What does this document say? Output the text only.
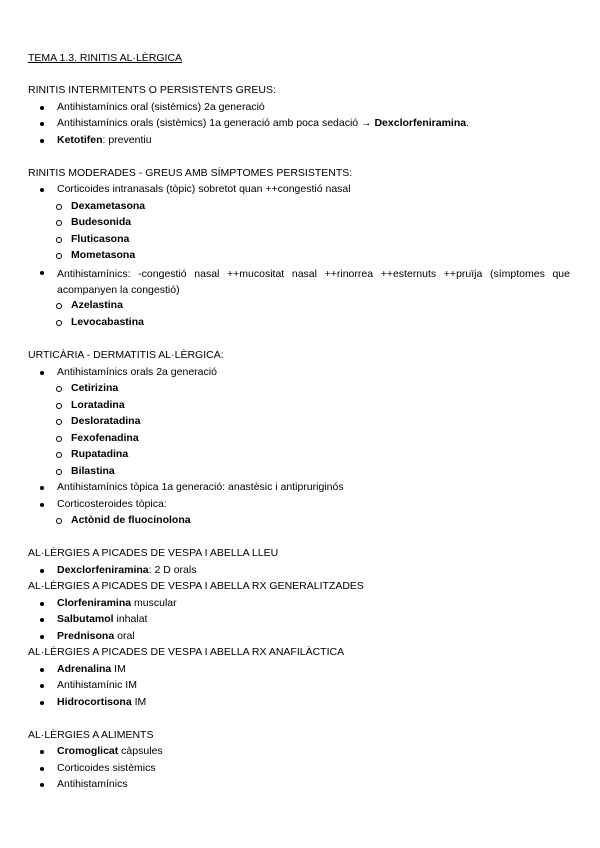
TEMA 1.3. RINITIS AL·LÈRGICA
RINITIS INTERMITENTS O PERSISTENTS GREUS:
Antihistamínics oral (sistèmics) 2a generació
Antihistamínics orals (sistèmics) 1a generació amb poca sedació → Dexclorfeniramina.
Ketotifen: preventiu
RINITIS MODERADES - GREUS AMB SÍMPTOMES PERSISTENTS:
Corticoides intranasals (tòpic) sobretot quan ++congestió nasal
Dexametasona
Budesonida
Fluticasona
Mometasona
Antihistamínics: -congestió nasal ++mucositat nasal ++rinorrea ++esternuts ++pruïja (símptomes que acompanyen la congestió)
Azelastina
Levocabastina
URTICÀRIA - DERMATITIS AL·LÈRGICA:
Antihistamínics orals 2a generació
Cetirizina
Loratadina
Desloratadina
Fexofenadina
Rupatadina
Bilastina
Antihistamínics tòpica 1a generació: anastèsic i antipruriginós
Corticosteroides tòpica:
Actònid de fluocinolona
AL·LÈRGIES A PICADES DE VESPA I ABELLA LLEU
Dexclorfeniramina: 2 D orals
AL·LÈRGIES A PICADES DE VESPA I ABELLA RX GENERALITZADES
Clorfeniramina muscular
Salbutamol inhalat
Prednisona oral
AL·LÈRGIES A PICADES DE VESPA I ABELLA RX ANAFILÀCTICA
Adrenalina IM
Antihistamínic IM
Hidrocortisona IM
AL·LÈRGIES A ALIMENTS
Cromoglicat càpsules
Corticoides sistèmics
Antihistamínics
